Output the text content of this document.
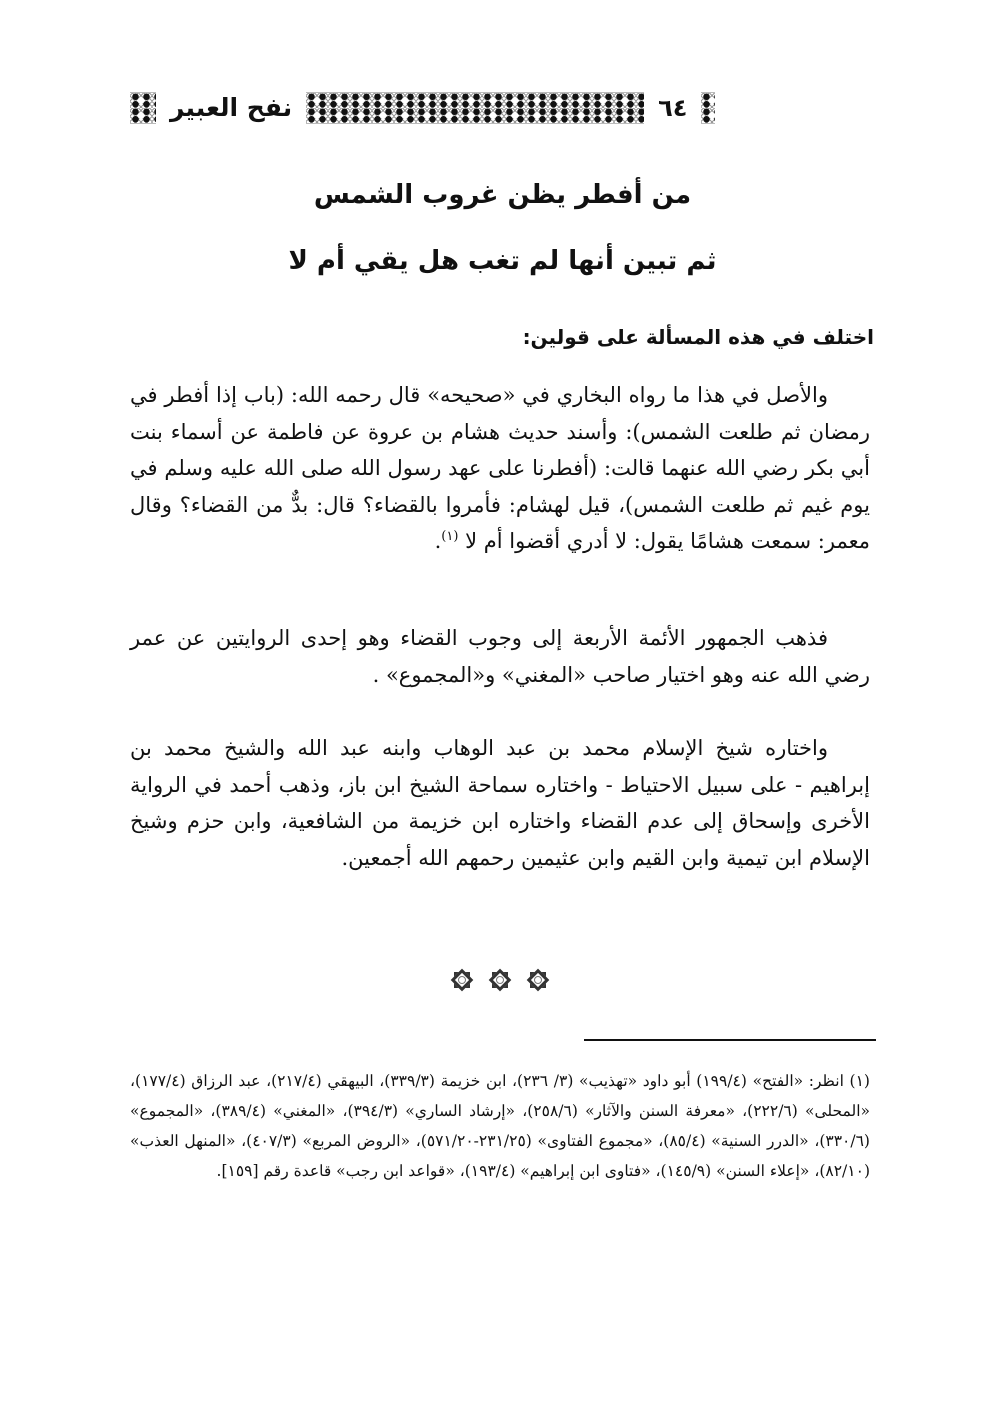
نفح العبير	٦٤
من أفطر يظن غروب الشمس
ثم تبين أنها لم تغب هل يقي أم لا
اختلف في هذه المسألة على قولين:

والأصل في هذا ما رواه البخاري في «صحيحه» قال رحمه الله: (باب إذا أفطر في رمضان ثم طلعت الشمس): وأسند حديث هشام بن عروة عن فاطمة عن أسماء بنت أبي بكر رضي الله عنهما قالت: (أفطرنا على عهد رسول الله صلى الله عليه وسلم في يوم غيم ثم طلعت الشمس)، قيل لهشام: فأمروا بالقضاء؟ قال: بدٌّ من القضاء؟ وقال معمر: سمعت هشامًا يقول: لا أدري أقضوا أم لا $^{(١)}$.

فذهب الجمهور الأئمة الأربعة إلى وجوب القضاء وهو إحدى الروايتين عن عمر رضي الله عنه وهو اختيار صاحب «المغني» و«المجموع» .

واختاره شيخ الإسلام محمد بن عبد الوهاب وابنه عبد الله والشيخ محمد بن إبراهيم - على سبيل الاحتياط - واختاره سماحة الشيخ ابن باز، وذهب أحمد في الرواية الأخرى وإسحاق إلى عدم القضاء واختاره ابن خزيمة من الشافعية، وابن حزم وشيخ الإسلام ابن تيمية وابن القيم وابن عثيمين رحمهم الله أجمعين.

(١) انظر: «الفتح» (١٩٩/٤) أبو داود «تهذيب» (٣/ ٢٣٦)، ابن خزيمة (٣٣٩/٣)، البيهقي (٢١٧/٤)، عبد الرزاق (١٧٧/٤)، «المحلى» (٢٢٢/٦)، «معرفة السنن والآثار» (٢٥٨/٦)، «إرشاد الساري» (٣٩٤/٣)، «المغني» (٣٨٩/٤)، «المجموع» (٣٣٠/٦)، «الدرر السنية» (٨٥/٤)، «مجموع الفتاوى» (٢٣١/٢٥-٥٧١/٢٠)، «الروض المربع» (٤٠٧/٣)، «المنهل العذب» (٨٢/١٠)، «إعلاء السنن» (١٤٥/٩)، «فتاوى ابن إبراهيم» (١٩٣/٤)، «قواعد ابن رجب» قاعدة رقم [١٥٩].
